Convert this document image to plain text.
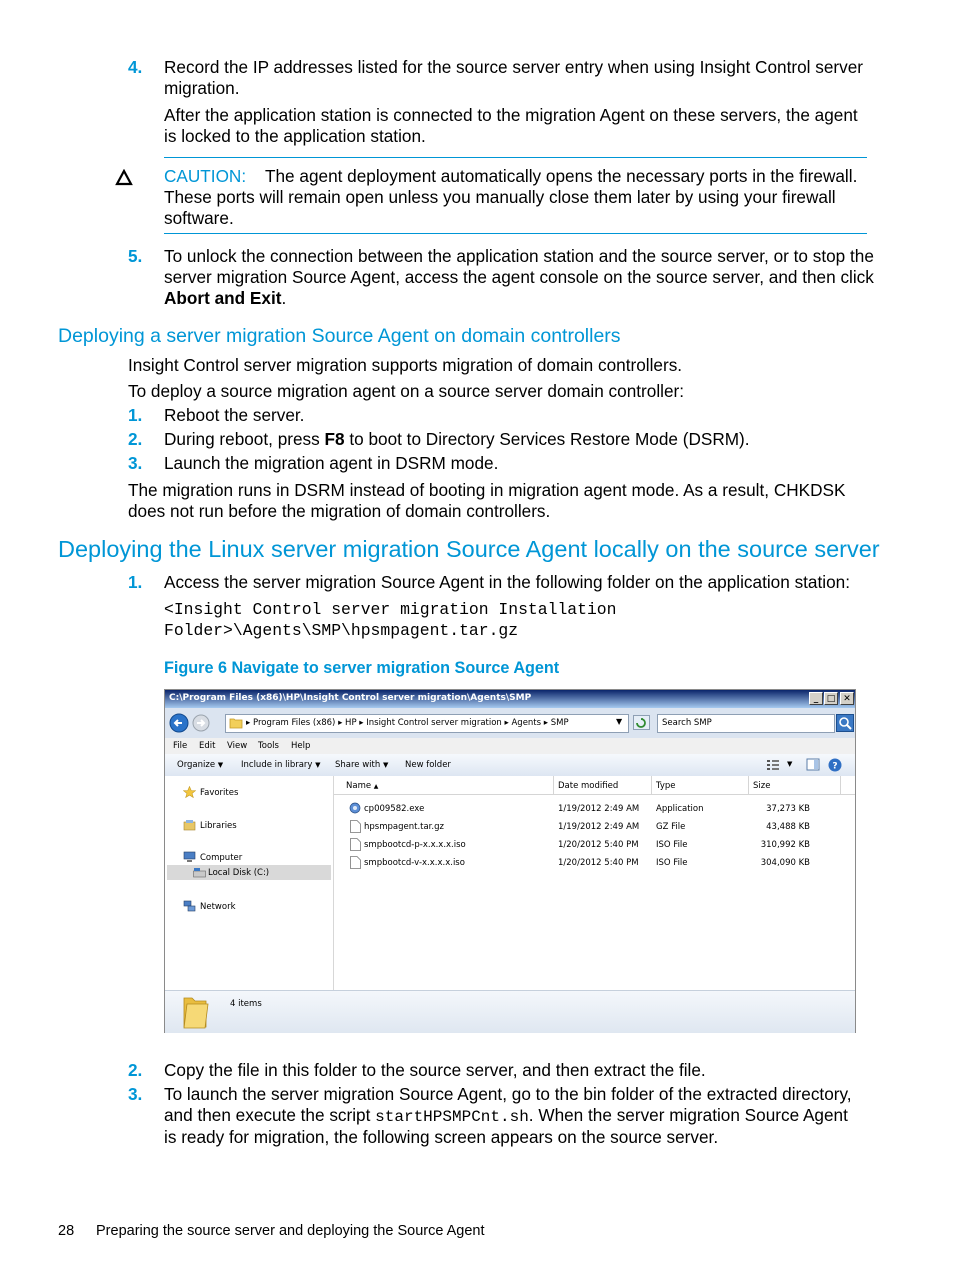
4. Record the IP addresses listed for the source server entry when using Insight Control server
migration.
After the application station is connected to the migration Agent on these servers, the agent
is locked to the application station.
CAUTION: The agent deployment automatically opens the necessary ports in the firewall.
These ports will remain open unless you manually close them later by using your firewall
software.
5. To unlock the connection between the application station and the source server, or to stop the
server migration Source Agent, access the agent console on the source server, and then click
Abort and Exit.
Deploying a server migration Source Agent on domain controllers
Insight Control server migration supports migration of domain controllers.
To deploy a source migration agent on a source server domain controller:
1. Reboot the server.
2. During reboot, press F8 to boot to Directory Services Restore Mode (DSRM).
3. Launch the migration agent in DSRM mode.
The migration runs in DSRM instead of booting in migration agent mode. As a result, CHKDSK
does not run before the migration of domain controllers.
Deploying the Linux server migration Source Agent locally on the source server
1. Access the server migration Source Agent in the following folder on the application station:
<Insight Control server migration Installation
Folder>\Agents\SMP\hpsmpagent.tar.gz
Figure 6 Navigate to server migration Source Agent
C:\Program Files (x86)\HP\Insight Control server migration\Agents\SMP	_ □ ✕
▸ Program Files (x86) ▸ HP ▸ Insight Control server migration ▸ Agents ▸ SMP	▼	Search SMP
File Edit View Tools Help
Organize ▼ Include in library ▼ Share with ▼ New folder	▼	?
Favorites
Libraries
Computer
Local Disk (C:)
Network
Name ▲	Date modified	Type	Size
cp009582.exe	1/19/2012 2:49 AM Application	37,273 KB
hpsmpagent.tar.gz	1/19/2012 2:49 AM GZ File	43,488 KB
smpbootcd-p-x.x.x.x.iso	1/20/2012 5:40 PM ISO File	310,992 KB
smpbootcd-v-x.x.x.x.iso	1/20/2012 5:40 PM ISO File	304,090 KB
4 items
2. Copy the file in this folder to the source server, and then extract the file.
3. To launch the server migration Source Agent, go to the bin folder of the extracted directory,
and then execute the script startHPSMPCnt.sh. When the server migration Source Agent
is ready for migration, the following screen appears on the source server.
28 Preparing the source server and deploying the Source Agent
